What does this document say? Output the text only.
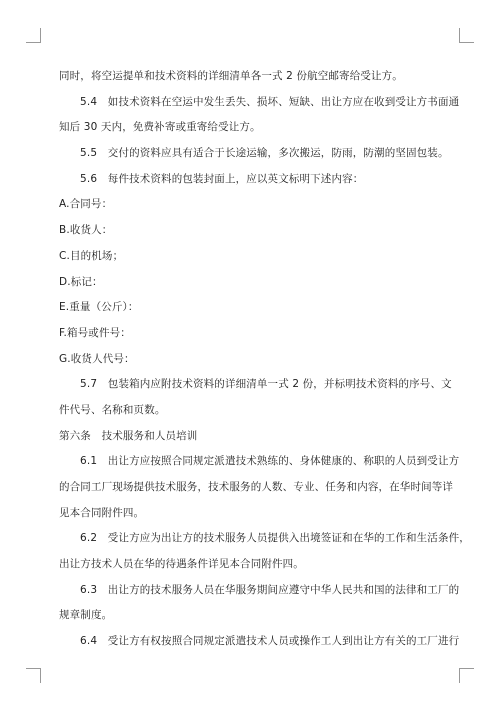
同时，将空运提单和技术资料的详细清单各一式 2 份航空邮寄给受让方。
5.4　如技术资料在空运中发生丢失、损坏、短缺、出让方应在收到受让方书面通
知后 30 天内，免费补寄或重寄给受让方。
5.5　交付的资料应具有适合于长途运输，多次搬运，防雨，防潮的坚固包装。
5.6　每件技术资料的包装封面上，应以英文标明下述内容：
A.合同号：
B.收货人：
C.目的机场；
D.标记：
E.重量（公斤）：
F.箱号或件号：
G.收货人代号：
5.7　包装箱内应附技术资料的详细清单一式 2 份，并标明技术资料的序号、文
件代号、名称和页数。
第六条　技术服务和人员培训
6.1　出让方应按照合同规定派遣技术熟练的、身体健康的、称职的人员到受让方
的合同工厂现场提供技术服务，技术服务的人数、专业、任务和内容，在华时间等详
见本合同附件四。
6.2　受让方应为出让方的技术服务人员提供入出境签证和在华的工作和生活条件，
出让方技术人员在华的待遇条件详见本合同附件四。
6.3　出让方的技术服务人员在华服务期间应遵守中华人民共和国的法律和工厂的
规章制度。
6.4　受让方有权按照合同规定派遣技术人员或操作工人到出让方有关的工厂进行
